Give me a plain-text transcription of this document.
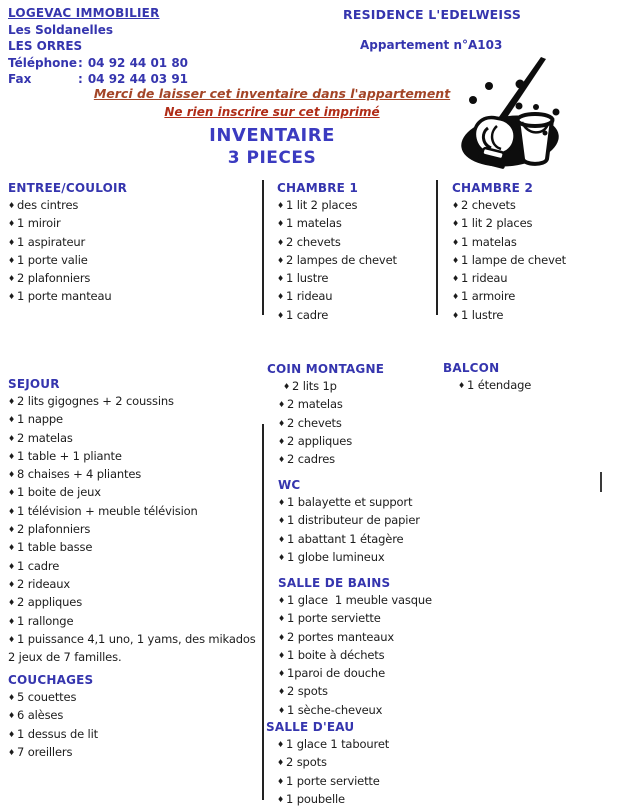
LOGEVAC IMMOBILIER
Les Soldanelles
LES ORRES
Téléphone: 04 92 44 01 80
Fax	: 04 92 44 03 91
RESIDENCE L'EDELWEISS
Appartement n°A103
Merci de laisser cet inventaire dans l'appartement
Ne rien inscrire sur cet imprimé
INVENTAIRE
3 PIECES
ENTREE/COULOIR
♦ des cintres
♦ 1 miroir
♦ 1 aspirateur
♦ 1 porte valie
♦ 2 plafonniers
♦ 1 porte manteau
CHAMBRE 1
♦ 1 lit 2 places
♦ 1 matelas
♦ 2 chevets
♦ 2 lampes de chevet
♦ 1 lustre
♦ 1 rideau
♦ 1 cadre
CHAMBRE 2
♦ 2 chevets
♦ 1 lit 2 places
♦ 1 matelas
♦ 1 lampe de chevet
♦ 1 rideau
♦ 1 armoire
♦ 1 lustre
SEJOUR
♦ 2 lits gigognes + 2 coussins
♦ 1 nappe
♦ 2 matelas
♦ 1 table + 1 pliante
♦ 8 chaises + 4 pliantes
♦ 1 boite de jeux
♦ 1 télévision + meuble télévision
♦ 2 plafonniers
♦ 1 table basse
♦ 1 cadre
♦ 2 rideaux
♦ 2 appliques
♦ 1 rallonge
♦ 1 puissance 4,1 uno, 1 yams, des mikados 2 jeux de 7 familles.
COUCHAGES
♦ 5 couettes
♦ 6 alèses
♦ 1 dessus de lit
♦ 7 oreillers
COIN MONTAGNE
♦ 2 lits 1p
♦ 2 matelas
♦ 2 chevets
♦ 2 appliques
♦ 2 cadres
BALCON
♦ 1 étendage
WC
♦ 1 balayette et support
♦ 1 distributeur de papier
♦ 1 abattant 1 étagère
♦ 1 globe lumineux
SALLE DE BAINS
♦ 1 glace  1 meuble vasque
♦ 1 porte serviette
♦ 2 portes manteaux
♦ 1 boite à déchets
♦ 1paroi de douche
♦ 2 spots
♦ 1 sèche-cheveux
SALLE D'EAU
♦ 1 glace 1 tabouret
♦ 2 spots
♦ 1 porte serviette
♦ 1 poubelle
